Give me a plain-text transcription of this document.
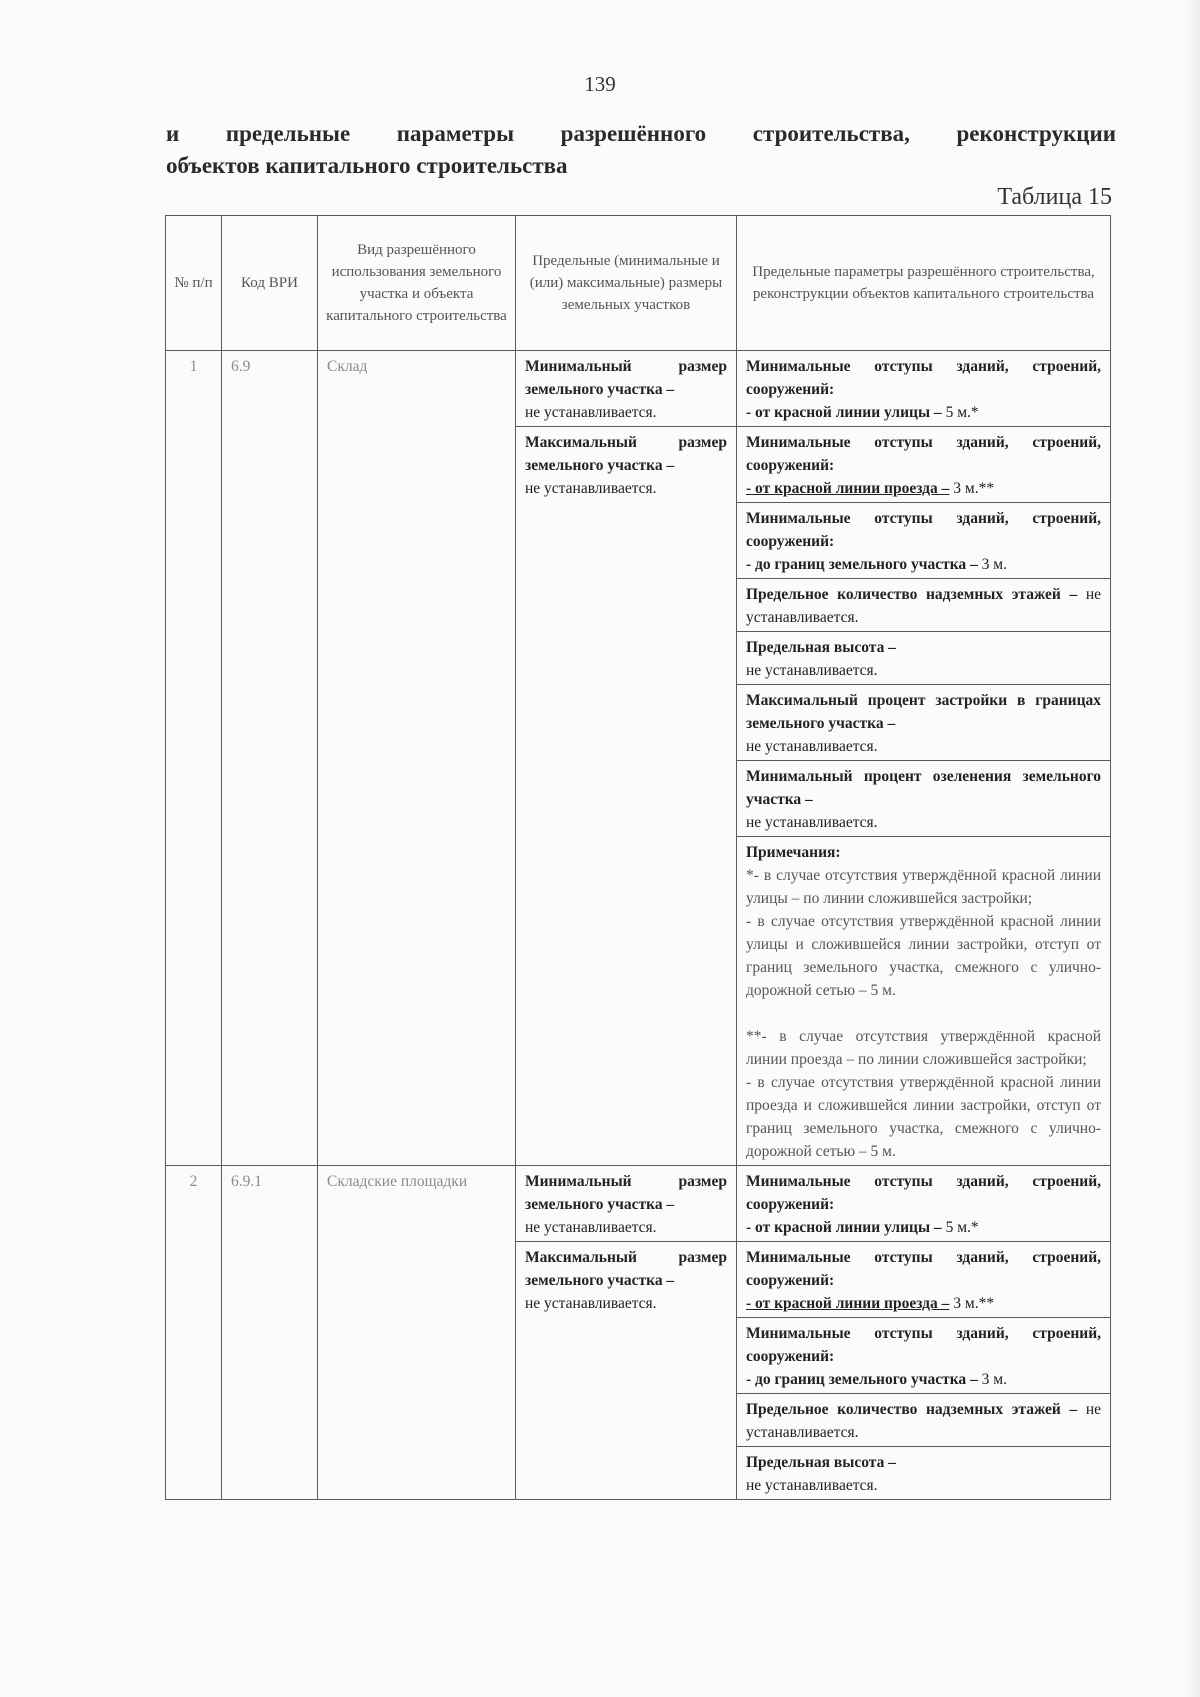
139
и предельные параметры разрешённого строительства, реконструкции
объектов капитального строительства
Таблица 15
№ п/п	Код ВРИ	Вид разрешённого использования земельного участка и объекта капитального строительства	Предельные (минимальные и (или) максимальные) размеры земельных участков	Предельные параметры разрешённого строительства, реконструкции объектов капитального строительства
1	6.9	Склад	Минимальный размер земельного участка –
не устанавливается.	Минимальные отступы зданий, строений, сооружений:
- от красной линии улицы – 5 м.*
			Максимальный размер земельного участка –
не устанавливается.	Минимальные отступы зданий, строений, сооружений:
- от красной линии проезда – 3 м.**
				Минимальные отступы зданий, строений, сооружений:
- до границ земельного участка – 3 м.
				Предельное количество надземных этажей – не устанавливается.
				Предельная высота –
не устанавливается.
				Максимальный процент застройки в границах земельного участка –
не устанавливается.
				Минимальный процент озеленения земельного участка –
не устанавливается.
				Примечания:

*- в случае отсутствия утверждённой красной линии улицы – по линии сложившейся застройки;

- в случае отсутствия утверждённой красной линии улицы и сложившейся линии застройки, отступ от границ земельного участка, смежного с улично-дорожной сетью – 5 м.

**- в случае отсутствия утверждённой красной линии проезда – по линии сложившейся застройки;

- в случае отсутствия утверждённой красной линии проезда и сложившейся линии застройки, отступ от границ земельного участка, смежного с улично-дорожной сетью – 5 м.

2	6.9.1	Складские площадки	Минимальный размер земельного участка –
не устанавливается.	Минимальные отступы зданий, строений, сооружений:
- от красной линии улицы – 5 м.*
			Максимальный размер земельного участка –
не устанавливается.	Минимальные отступы зданий, строений, сооружений:
- от красной линии проезда – 3 м.**
				Минимальные отступы зданий, строений, сооружений:
- до границ земельного участка – 3 м.
				Предельное количество надземных этажей – не устанавливается.
				Предельная высота –
не устанавливается.
